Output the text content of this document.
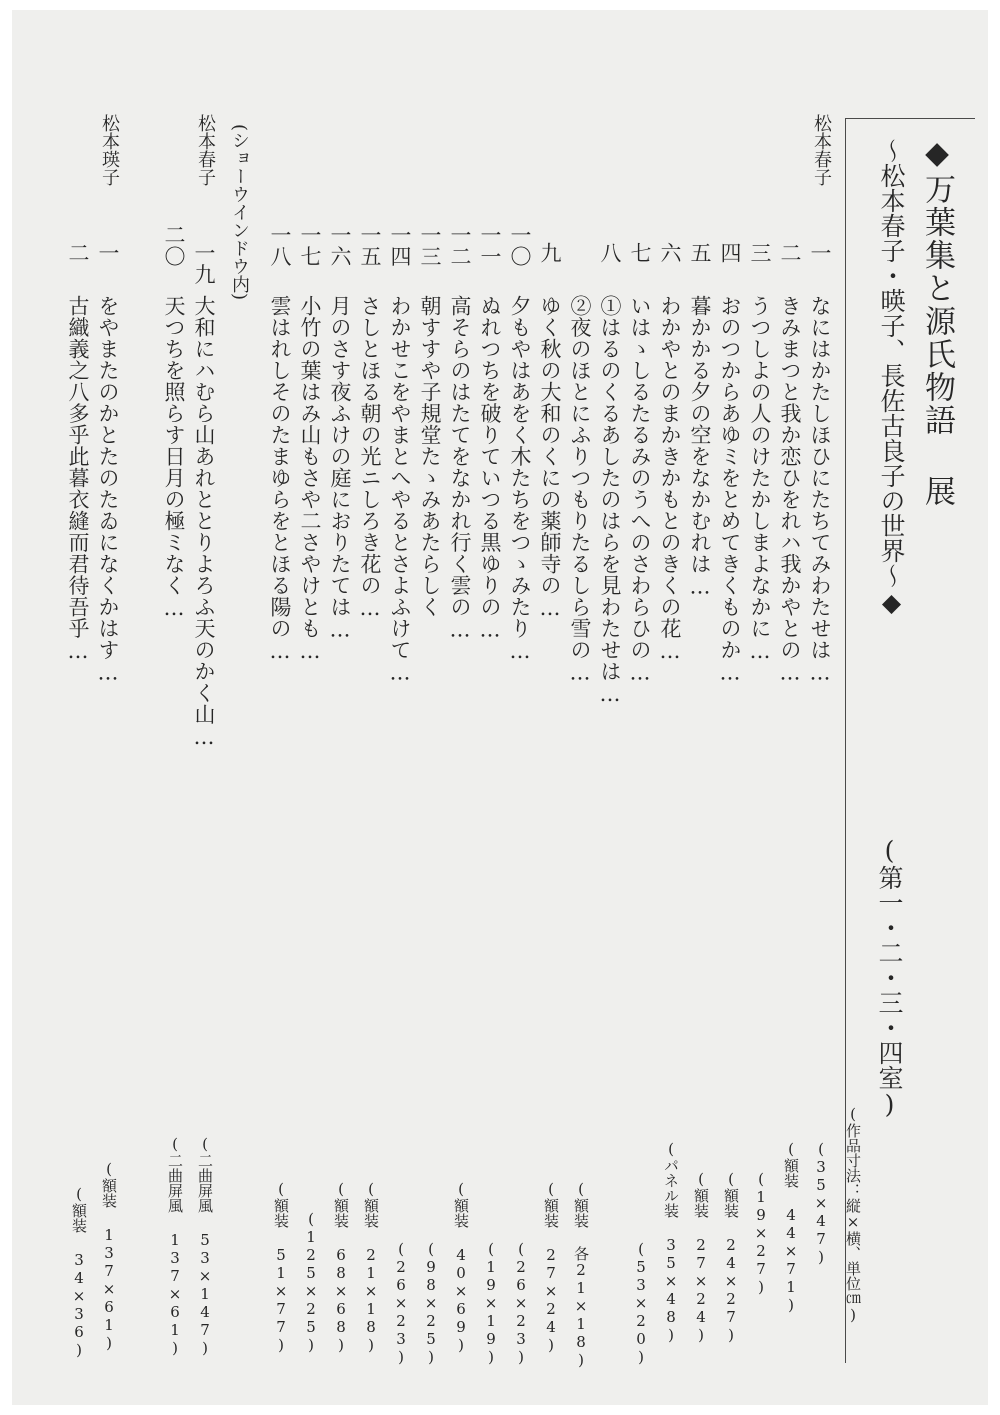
◆万葉集と源氏物語 展
〜松本春子・暎子、長佐古良子の世界〜◆
(第一・二・三・四室)
(作品寸法：縦×横、単位㎝)
松本春子
一
二
三
四
五
六
七
八
九
一〇
一一
一二
一三
一四
一五
一六
一七
一八
なにはかたしほひにたちてみわたせは…
きみまつと我か恋ひをれハ我かやとの…
うつしよの人のけたかしまよなかに…
おのつからあゆミをとめてきくものか…
暮かかる夕の空をなかむれは…
わかやとのまかきかもとのきくの花…
いはゝしるたるみのうへのさわらひの…
①はるのくるあしたのはらを見わたせは…
②夜のほとにふりつもりたるしら雪の…
ゆく秋の大和のくにの薬師寺の…
夕もやはあをく木たちをつゝみたり…
ぬれつちを破りていつる黒ゆりの…
高そらのはたてをなかれ行く雲の…
朝すすや子規堂たゝみあたらしく
わかせこをやまとへやるとさよふけて…
さしとほる朝の光ニしろき花の…
月のさす夜ふけの庭におりたては…
小竹の葉はみ山もさや二さやけとも…
雲はれしそのたまゆらをとほる陽の…
(35×47)
(額装 44×71)
(19×27)
(額装 24×27)
(額装 27×24)
(パネル装 35×48)
(53×20)
(額装 各21×18)
(額装 27×24)
(26×23)
(19×19)
(額装 40×69)
(98×25)
(26×23)
(額装 21×18)
(額装 68×68)
(125×25)
(額装 51×77)
(ショーウインドウ内)
松本春子
一九
二〇
大和にハむら山あれととりよろふ天のかく山…
天つちを照らす日月の極ミなく…
(二曲屏風 53×147)
(二曲屏風 137×61)
松本瑛子
一
二
をやまたのかとたのたゐになくかはす…
古織義之八多乎此暮衣縫而君待吾乎…
(額装 137×61)
(額装 34×36)
